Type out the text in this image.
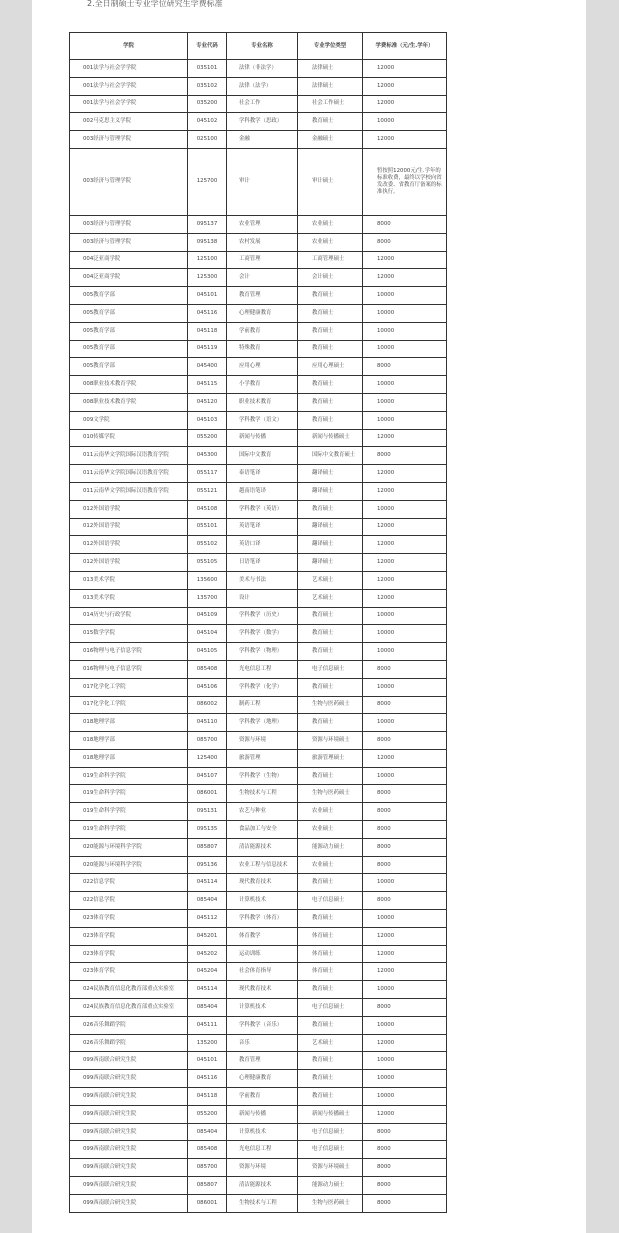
2.全日制硕士专业学位研究生学费标准
学院	专业代码	专业名称	专业学位类型	学费标准（元/生.学年）
001法学与社会学学院	035101	法律（非法学）	法律硕士	12000
001法学与社会学学院	035102	法律（法学）	法律硕士	12000
001法学与社会学学院	035200	社会工作	社会工作硕士	12000
002马克思主义学院	045102	学科教学（思政）	教育硕士	10000
003经济与管理学院	025100	金融	金融硕士	12000
003经济与管理学院	125700	审计	审计硕士	暂按照12000元/生.学年的标准收费，最终以学校向省发改委、省教育厅备案的标准执行。
003经济与管理学院	095137	农业管理	农业硕士	8000
003经济与管理学院	095138	农村发展	农业硕士	8000
004泛亚商学院	125100	工商管理	工商管理硕士	12000
004泛亚商学院	125300	会计	会计硕士	12000
005教育学部	045101	教育管理	教育硕士	10000
005教育学部	045116	心理健康教育	教育硕士	10000
005教育学部	045118	学前教育	教育硕士	10000
005教育学部	045119	特殊教育	教育硕士	10000
005教育学部	045400	应用心理	应用心理硕士	8000
008职业技术教育学院	045115	小学教育	教育硕士	10000
008职业技术教育学院	045120	职业技术教育	教育硕士	10000
009文学院	045103	学科教学（语文）	教育硕士	10000
010传媒学院	055200	新闻与传播	新闻与传播硕士	12000
011云南华文学院国际汉语教育学院	045300	国际中文教育	国际中文教育硕士	8000
011云南华文学院国际汉语教育学院	055117	泰语笔译	翻译硕士	12000
011云南华文学院国际汉语教育学院	055121	越南语笔译	翻译硕士	12000
012外国语学院	045108	学科教学（英语）	教育硕士	10000
012外国语学院	055101	英语笔译	翻译硕士	12000
012外国语学院	055102	英语口译	翻译硕士	12000
012外国语学院	055105	日语笔译	翻译硕士	12000
013美术学院	135600	美术与书法	艺术硕士	12000
013美术学院	135700	设计	艺术硕士	12000
014历史与行政学院	045109	学科教学（历史）	教育硕士	10000
015数学学院	045104	学科教学（数学）	教育硕士	10000
016物理与电子信息学院	045105	学科教学（物理）	教育硕士	10000
016物理与电子信息学院	085408	光电信息工程	电子信息硕士	8000
017化学化工学院	045106	学科教学（化学）	教育硕士	10000
017化学化工学院	086002	制药工程	生物与医药硕士	8000
018地理学部	045110	学科教学（地理）	教育硕士	10000
018地理学部	085700	资源与环境	资源与环境硕士	8000
018地理学部	125400	旅游管理	旅游管理硕士	12000
019生命科学学院	045107	学科教学（生物）	教育硕士	10000
019生命科学学院	086001	生物技术与工程	生物与医药硕士	8000
019生命科学学院	095131	农艺与种业	农业硕士	8000
019生命科学学院	095135	食品加工与安全	农业硕士	8000
020能源与环境科学学院	085807	清洁能源技术	能源动力硕士	8000
020能源与环境科学学院	095136	农业工程与信息技术	农业硕士	8000
022信息学院	045114	现代教育技术	教育硕士	10000
022信息学院	085404	计算机技术	电子信息硕士	8000
023体育学院	045112	学科教学（体育）	教育硕士	10000
023体育学院	045201	体育教学	体育硕士	12000
023体育学院	045202	运动训练	体育硕士	12000
023体育学院	045204	社会体育指导	体育硕士	12000
024民族教育信息化教育部重点实验室	045114	现代教育技术	教育硕士	10000
024民族教育信息化教育部重点实验室	085404	计算机技术	电子信息硕士	8000
026音乐舞蹈学院	045111	学科教学（音乐）	教育硕士	10000
026音乐舞蹈学院	135200	音乐	艺术硕士	12000
099西南联合研究生院	045101	教育管理	教育硕士	10000
099西南联合研究生院	045116	心理健康教育	教育硕士	10000
099西南联合研究生院	045118	学前教育	教育硕士	10000
099西南联合研究生院	055200	新闻与传播	新闻与传播硕士	12000
099西南联合研究生院	085404	计算机技术	电子信息硕士	8000
099西南联合研究生院	085408	光电信息工程	电子信息硕士	8000
099西南联合研究生院	085700	资源与环境	资源与环境硕士	8000
099西南联合研究生院	085807	清洁能源技术	能源动力硕士	8000
099西南联合研究生院	086001	生物技术与工程	生物与医药硕士	8000
